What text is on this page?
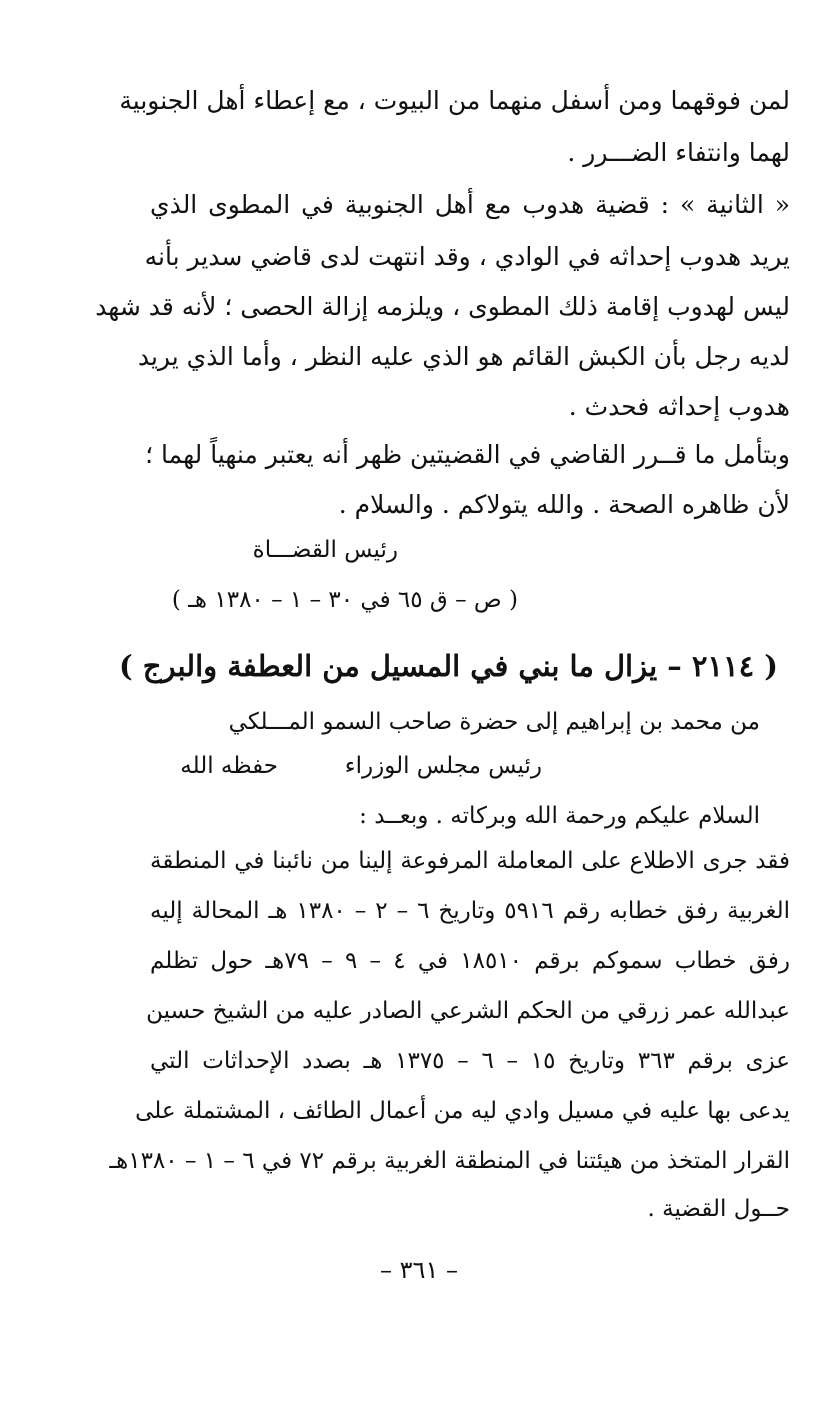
لمن فوقهما ومن أسفل منهما من البيوت ، مع إعطاء أهل الجنوبية
لهما وانتفاء الضـــرر .
« الثانية » : قضية هدوب مع أهل الجنوبية في المطوى الذي
يريد هدوب إحداثه في الوادي ، وقد انتهت لدى قاضي سدير بأنه
ليس لهدوب إقامة ذلك المطوى ، ويلزمه إزالة الحصى ؛ لأنه قد شهد
لديه رجل بأن الكبش القائم هو الذي عليه النظر ، وأما الذي يريد
هدوب إحداثه فحدث .
وبتأمل ما قــرر القاضي في القضيتين ظهر أنه يعتبر منهياً لهما ؛
لأن ظاهره الصحة . والله يتولاكم . والسلام .
رئيس القضـــاة
( ص – ق ٦٥ في ٣٠ – ١ – ١٣٨٠ هـ )
( ٢١١٤ – يزال ما بني في المسيل من العطفة والبرج )
من محمد بن إبراهيم إلى حضرة صاحب السمو المـــلكي
رئيس مجلس الوزراء
حفظه الله
السلام عليكم ورحمة الله وبركاته . وبعــد :
فقد جرى الاطلاع على المعاملة المرفوعة إلينا من نائبنا في المنطقة
الغربية رفق خطابه رقم ٥٩١٦ وتاريخ ٦ – ٢ – ١٣٨٠ هـ المحالة إليه
رفق خطاب سموكم برقم ١٨٥١٠ في ٤ – ٩ – ٧٩هـ حول تظلم
عبدالله عمر زرقي من الحكم الشرعي الصادر عليه من الشيخ حسين
عزى برقم ٣٦٣ وتاريخ ١٥ – ٦ – ١٣٧٥ هـ بصدد الإحداثات التي
يدعى بها عليه في مسيل وادي ليه من أعمال الطائف ، المشتملة على
القرار المتخذ من هيئتنا في المنطقة الغربية برقم ٧٢ في ٦ – ١ – ١٣٨٠هـ
حــول القضية .
– ٣٦١ –
